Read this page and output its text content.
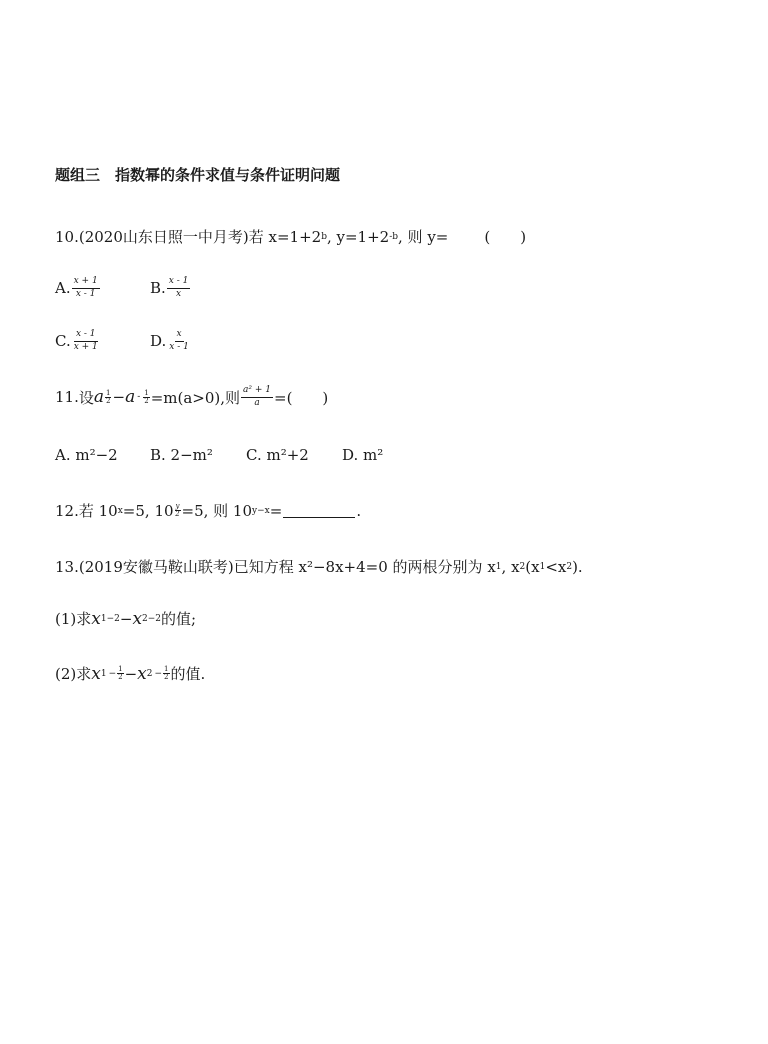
题组三　指数幂的条件求值与条件证明问题
10. (2020山东日照一中月考) 若 x=1+2 b , y=1+2 -b , 则 y= (　　)
A. $\frac{x + 1}{x - 1}$	B. $\frac{x - 1}{x}$
C. $\frac{x - 1}{x + 1}$	D. $\frac{x}{x - 1}$
11. 设 a 1
$2 - a - \frac{1}{2} =m(a>0)$,则 $\frac{\text{a² + 1}}{a}$ =(　　)
A. m²−2 B. 2−m² C. m²+2 D. m²
12. 若 10 x =5, $10 \frac{y}{2} =5$, 则 10 y−x =	.
13. (2019安徽马鞍山联考) 已知方程 x²−8x+4=0 的两根分别为 x 1 , x 2 (x 1 <x 2 ).
(1)求 x 1 −2 − x 2 −2 的值;
(2)求 x $1 - \frac{1}{2} - x$ $2 - \frac{1}{2}$ 的值.
